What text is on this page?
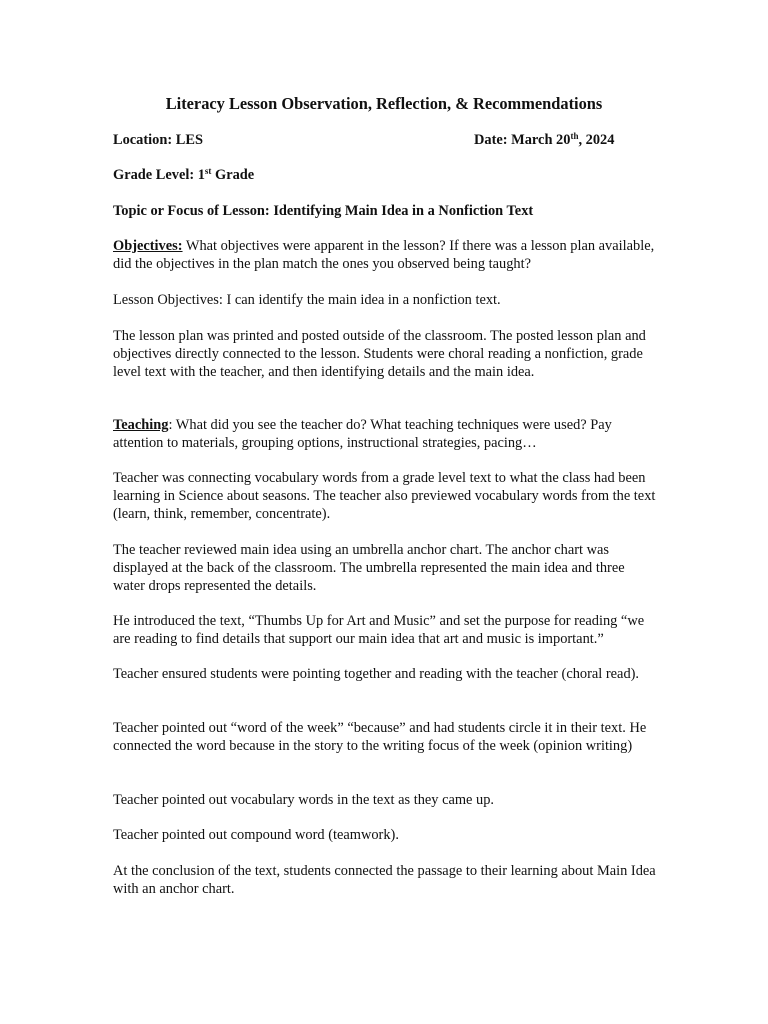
Literacy Lesson Observation, Reflection, & Recommendations

Location: LES	Date: March 20th, 2024

Grade Level: 1st Grade

Topic or Focus of Lesson: Identifying Main Idea in a Nonfiction Text

Objectives: What objectives were apparent in the lesson? If there was a lesson plan available, did the objectives in the plan match the ones you observed being taught?

Lesson Objectives: I can identify the main idea in a nonfiction text.

The lesson plan was printed and posted outside of the classroom. The posted lesson plan and objectives directly connected to the lesson. Students were choral reading a nonfiction, grade level text with the teacher, and then identifying details and the main idea.

Teaching: What did you see the teacher do? What teaching techniques were used? Pay attention to materials, grouping options, instructional strategies, pacing…

Teacher was connecting vocabulary words from a grade level text to what the class had been learning in Science about seasons. The teacher also previewed vocabulary words from the text (learn, think, remember, concentrate).

The teacher reviewed main idea using an umbrella anchor chart. The anchor chart was displayed at the back of the classroom. The umbrella represented the main idea and three water drops represented the details.

He introduced the text, “Thumbs Up for Art and Music” and set the purpose for reading “we are reading to find details that support our main idea that art and music is important.”

Teacher ensured students were pointing together and reading with the teacher (choral read).

Teacher pointed out “word of the week” “because” and had students circle it in their text. He connected the word because in the story to the writing focus of the week (opinion writing)

Teacher pointed out vocabulary words in the text as they came up.

Teacher pointed out compound word (teamwork).

At the conclusion of the text, students connected the passage to their learning about Main Idea with an anchor chart.
